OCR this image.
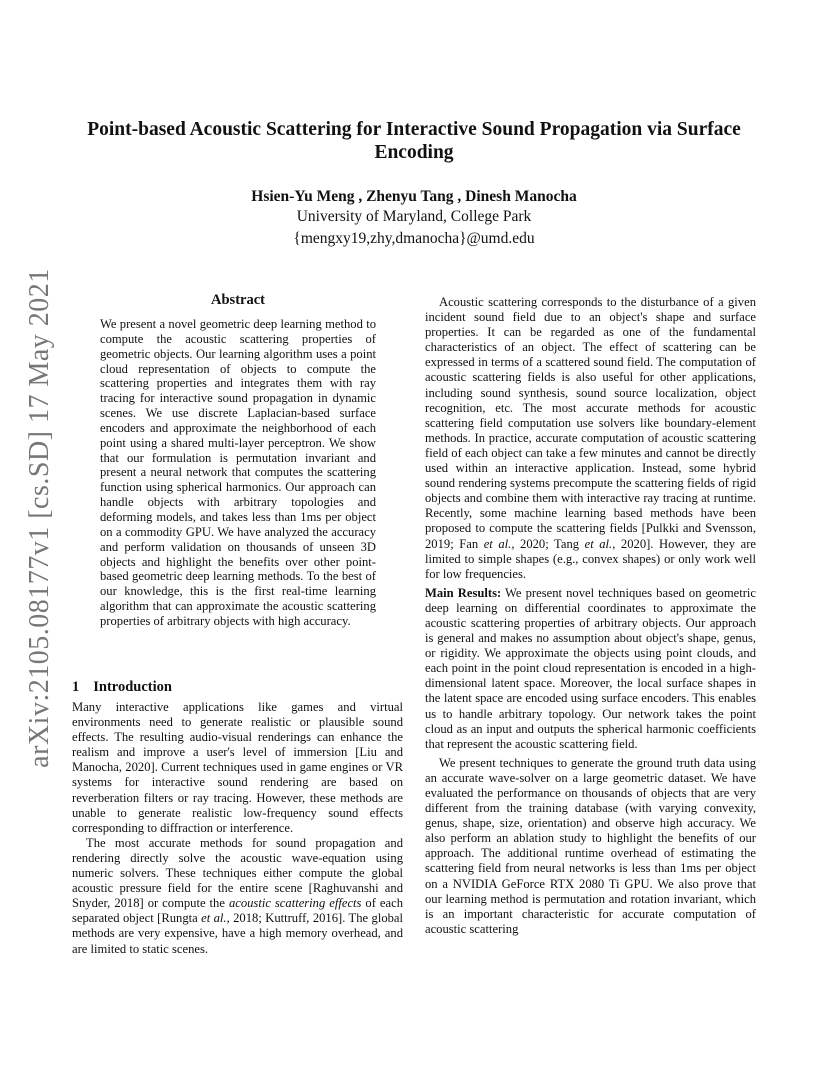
arXiv:2105.08177v1 [cs.SD] 17 May 2021
Point-based Acoustic Scattering for Interactive Sound Propagation via Surface Encoding
Hsien-Yu Meng , Zhenyu Tang , Dinesh Manocha
University of Maryland, College Park
{mengxy19,zhy,dmanocha}@umd.edu
Abstract
We present a novel geometric deep learning method to compute the acoustic scattering properties of geometric objects. Our learning algorithm uses a point cloud representation of objects to compute the scattering properties and integrates them with ray tracing for interactive sound propagation in dynamic scenes. We use discrete Laplacian-based surface encoders and approximate the neighborhood of each point using a shared multi-layer perceptron. We show that our formulation is permutation invariant and present a neural network that computes the scattering function using spherical harmonics. Our approach can handle objects with arbitrary topologies and deforming models, and takes less than 1ms per object on a commodity GPU. We have analyzed the accuracy and perform validation on thousands of unseen 3D objects and highlight the benefits over other point-based geometric deep learning methods. To the best of our knowledge, this is the first real-time learning algorithm that can approximate the acoustic scattering properties of arbitrary objects with high accuracy.
1 Introduction

Many interactive applications like games and virtual environments need to generate realistic or plausible sound effects. The resulting audio-visual renderings can enhance the realism and improve a user's level of immersion [Liu and Manocha, 2020]. Current techniques used in game engines or VR systems for interactive sound rendering are based on reverberation filters or ray tracing. However, these methods are unable to generate realistic low-frequency sound effects corresponding to diffraction or interference.

The most accurate methods for sound propagation and rendering directly solve the acoustic wave-equation using numeric solvers. These techniques either compute the global acoustic pressure field for the entire scene [Raghuvanshi and Snyder, 2018] or compute the acoustic scattering effects of each separated object [Rungta et al., 2018; Kuttruff, 2016]. The global methods are very expensive, have a high memory overhead, and are limited to static scenes.

Acoustic scattering corresponds to the disturbance of a given incident sound field due to an object's shape and surface properties. It can be regarded as one of the fundamental characteristics of an object. The effect of scattering can be expressed in terms of a scattered sound field. The computation of acoustic scattering fields is also useful for other applications, including sound synthesis, sound source localization, object recognition, etc. The most accurate methods for acoustic scattering field computation use solvers like boundary-element methods. In practice, accurate computation of acoustic scattering field of each object can take a few minutes and cannot be directly used within an interactive application. Instead, some hybrid sound rendering systems precompute the scattering fields of rigid objects and combine them with interactive ray tracing at runtime. Recently, some machine learning based methods have been proposed to compute the scattering fields [Pulkki and Svensson, 2019; Fan et al., 2020; Tang et al., 2020]. However, they are limited to simple shapes (e.g., convex shapes) or only work well for low frequencies.

Main Results: We present novel techniques based on geometric deep learning on differential coordinates to approximate the acoustic scattering properties of arbitrary objects. Our approach is general and makes no assumption about object's shape, genus, or rigidity. We approximate the objects using point clouds, and each point in the point cloud representation is encoded in a high-dimensional latent space. Moreover, the local surface shapes in the latent space are encoded using surface encoders. This enables us to handle arbitrary topology. Our network takes the point cloud as an input and outputs the spherical harmonic coefficients that represent the acoustic scattering field.

We present techniques to generate the ground truth data using an accurate wave-solver on a large geometric dataset. We have evaluated the performance on thousands of objects that are very different from the training database (with varying convexity, genus, shape, size, orientation) and observe high accuracy. We also perform an ablation study to highlight the benefits of our approach. The additional runtime overhead of estimating the scattering field from neural networks is less than 1ms per object on a NVIDIA GeForce RTX 2080 Ti GPU. We also prove that our learning method is permutation and rotation invariant, which is an important characteristic for accurate computation of acoustic scattering
